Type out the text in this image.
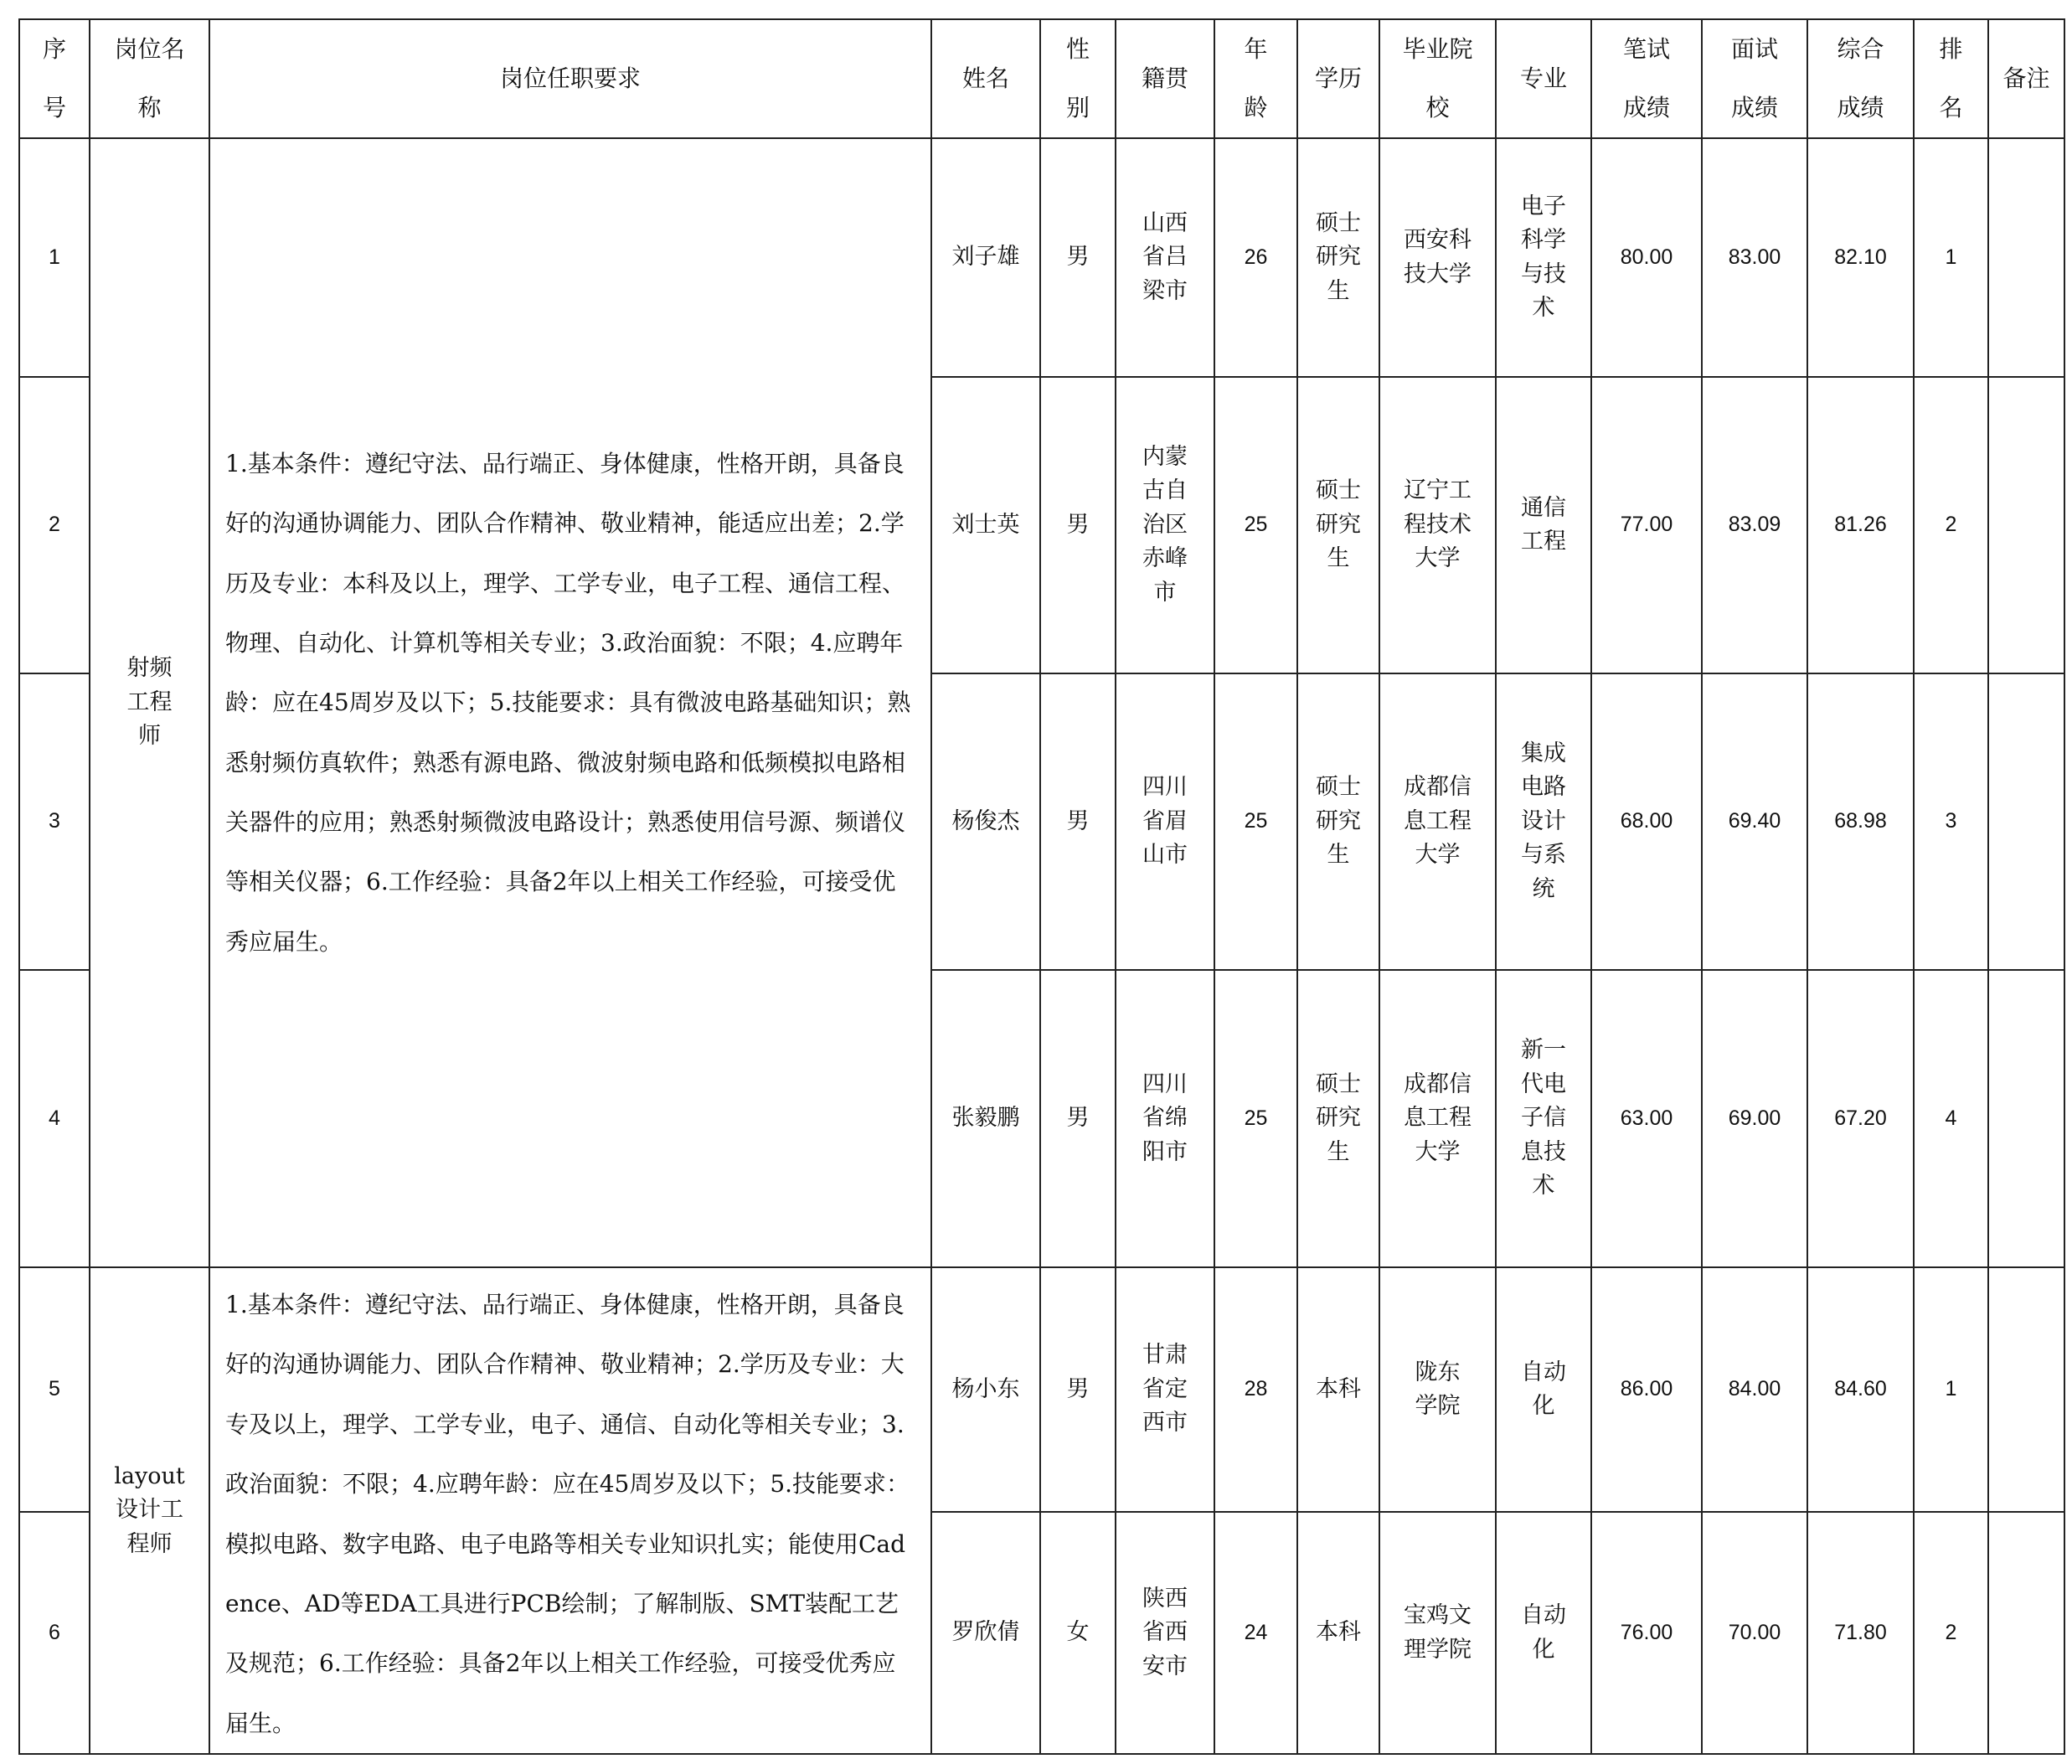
序号	岗位名称	岗位任职要求	姓名	性别	籍贯	年龄	学历	毕业院校	专业	笔试成绩	面试成绩	综合成绩	排名	备注
1	射频工程师	1.基本条件：遵纪守法、品行端正、身体健康，性格开朗，具备良好的沟通协调能力、团队合作精神、敬业精神，能适应出差；2.学历及专业：本科及以上，理学、工学专业，电子工程、通信工程、物理、自动化、计算机等相关专业；3.政治面貌：不限；4.应聘年龄：应在45周岁及以下；5.技能要求：具有微波电路基础知识；熟悉射频仿真软件；熟悉有源电路、微波射频电路和低频模拟电路相关器件的应用；熟悉射频微波电路设计；熟悉使用信号源、频谱仪等相关仪器；6.工作经验：具备2年以上相关工作经验，可接受优秀应届生。	刘子雄	男	山西省吕梁市	26	硕士研究生	西安科技大学	电子科学与技术	80.00	83.00	82.10	1	
2			刘士英	男	内蒙古自治区赤峰市	25	硕士研究生	辽宁工程技术大学	通信工程	77.00	83.09	81.26	2	
3			杨俊杰	男	四川省眉山市	25	硕士研究生	成都信息工程大学	集成电路设计与系统	68.00	69.40	68.98	3	
4			张毅鹏	男	四川省绵阳市	25	硕士研究生	成都信息工程大学	新一代电子信息技术	63.00	69.00	67.20	4	
5	layout设计工程师	1.基本条件：遵纪守法、品行端正、身体健康，性格开朗，具备良好的沟通协调能力、团队合作精神、敬业精神；2.学历及专业：大专及以上，理学、工学专业，电子、通信、自动化等相关专业；3.政治面貌：不限；4.应聘年龄：应在45周岁及以下；5.技能要求：模拟电路、数字电路、电子电路等相关专业知识扎实；能使用Cadence、AD等EDA工具进行PCB绘制；了解制版、SMT装配工艺及规范；6.工作经验：具备2年以上相关工作经验，可接受优秀应届生。	杨小东	男	甘肃省定西市	28	本科	陇东学院	自动化	86.00	84.00	84.60	1	
6			罗欣倩	女	陕西省西安市	24	本科	宝鸡文理学院	自动化	76.00	70.00	71.80	2	
